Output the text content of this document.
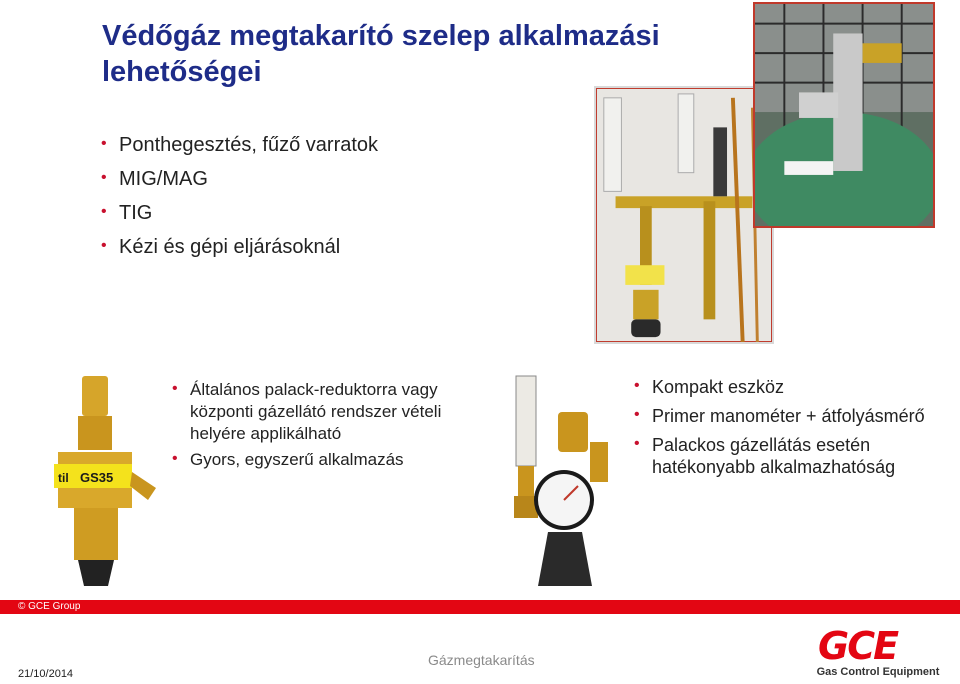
Védőgáz megtakarító szelep alkalmazási lehetőségei
• Ponthegesztés, fűző varratok
• MIG/MAG
• TIG
• Kézi és gépi eljárásoknál
til GS35
• Általános palack-reduktorra vagy központi gázellátó rendszer vételi helyére applikálható
• Gyors, egyszerű alkalmazás
• Kompakt eszköz
• Primer manométer + átfolyásmérő
• Palackos gázellátás esetén hatékonyabb alkalmazhatóság
© GCE Group
21/10/2014
Gázmegtakarítás	GCE
Gas Control Equipment
